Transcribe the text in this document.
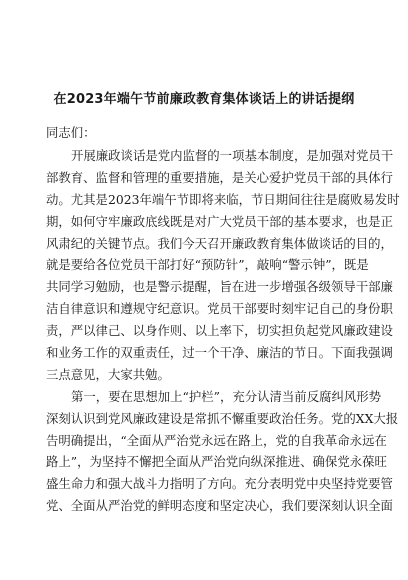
在2023年端午节前廉政教育集体谈话上的讲话提纲
同志们：
开展廉政谈话是党内监督的一项基本制度，是加强对党员干
部教育、监督和管理的重要措施，是关心爱护党员干部的具体行
动。尤其是2023年端午节即将来临，节日期间往往是腐败易发时
期，如何守牢廉政底线既是对广大党员干部的基本要求，也是正
风肃纪的关键节点。我们今天召开廉政教育集体做谈话的目的，
就是要给各位党员干部打好“预防针”，敲响“警示钟”，既是
共同学习勉励，也是警示提醒，旨在进一步增强各级领导干部廉
洁自律意识和遵规守纪意识。党员干部要时刻牢记自己的身份职
责，严以律己、以身作则、以上率下，切实担负起党风廉政建设
和业务工作的双重责任，过一个干净、廉洁的节日。下面我强调
三点意见，大家共勉。
第一，要在思想加上“护栏”，充分认清当前反腐纠风形势
深刻认识到党风廉政建设是常抓不懈重要政治任务。党的XX大报
告明确提出，“全面从严治党永远在路上，党的自我革命永远在
路上”，为坚持不懈把全面从严治党向纵深推进、确保党永葆旺
盛生命力和强大战斗力指明了方向。充分表明党中央坚持党要管
党、全面从严治党的鲜明态度和坚定决心，我们要深刻认识全面
